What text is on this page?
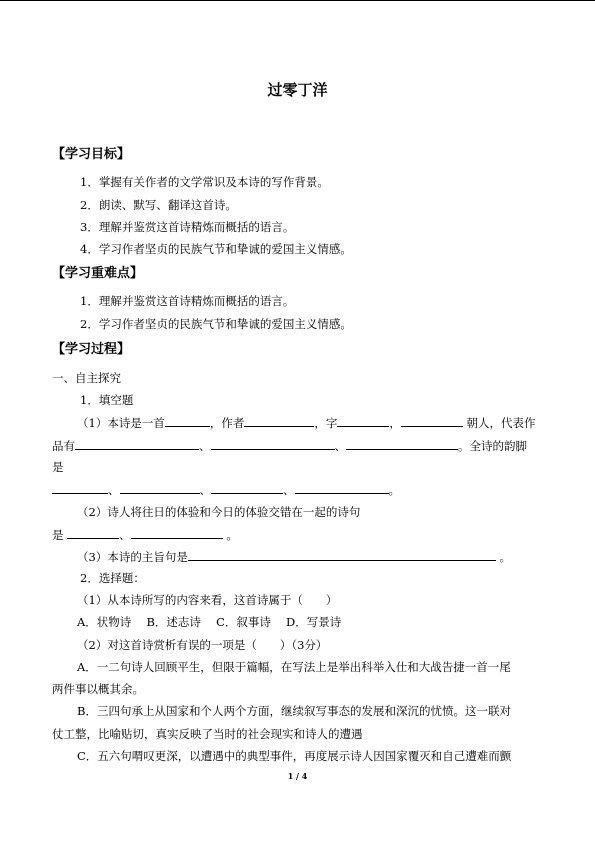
过零丁洋
【学习目标】
1．掌握有关作者的文学常识及本诗的写作背景。
2．朗读、默写、翻译这首诗。
3．理解并鉴赏这首诗精炼而概括的语言。
4．学习作者坚贞的民族气节和挚诚的爱国主义情感。
【学习重难点】
1．理解并鉴赏这首诗精炼而概括的语言。
2．学习作者坚贞的民族气节和挚诚的爱国主义情感。
【学习过程】
一、自主探究
1．填空题
（1）本诗是一首	，作者	，字	，	朝人，代表作
品有	、	、	。全诗的韵脚
是
、	、	、	。
（2）诗人将往日的体验和今日的体验交错在一起的诗句
是	、	。
（3）本诗的主旨句是	。
2．选择题：
（1）从本诗所写的内容来看，这首诗属于（　　）
A．状物诗　 B．述志诗　 C．叙事诗　 D．写景诗
（2）对这首诗赏析有误的一项是（　　）（3分）
A．一二句诗人回顾平生，但限于篇幅，在写法上是举出科举入仕和大战告捷一首一尾
两件事以概其余。
B．三四句承上从国家和个人两个方面，继续叙写事态的发展和深沉的忧愤。这一联对
仗工整，比喻贴切，真实反映了当时的社会现实和诗人的遭遇
C．五六句喟叹更深，以遭遇中的典型事件，再度展示诗人因国家覆灭和自己遭难而颤
1 / 4
